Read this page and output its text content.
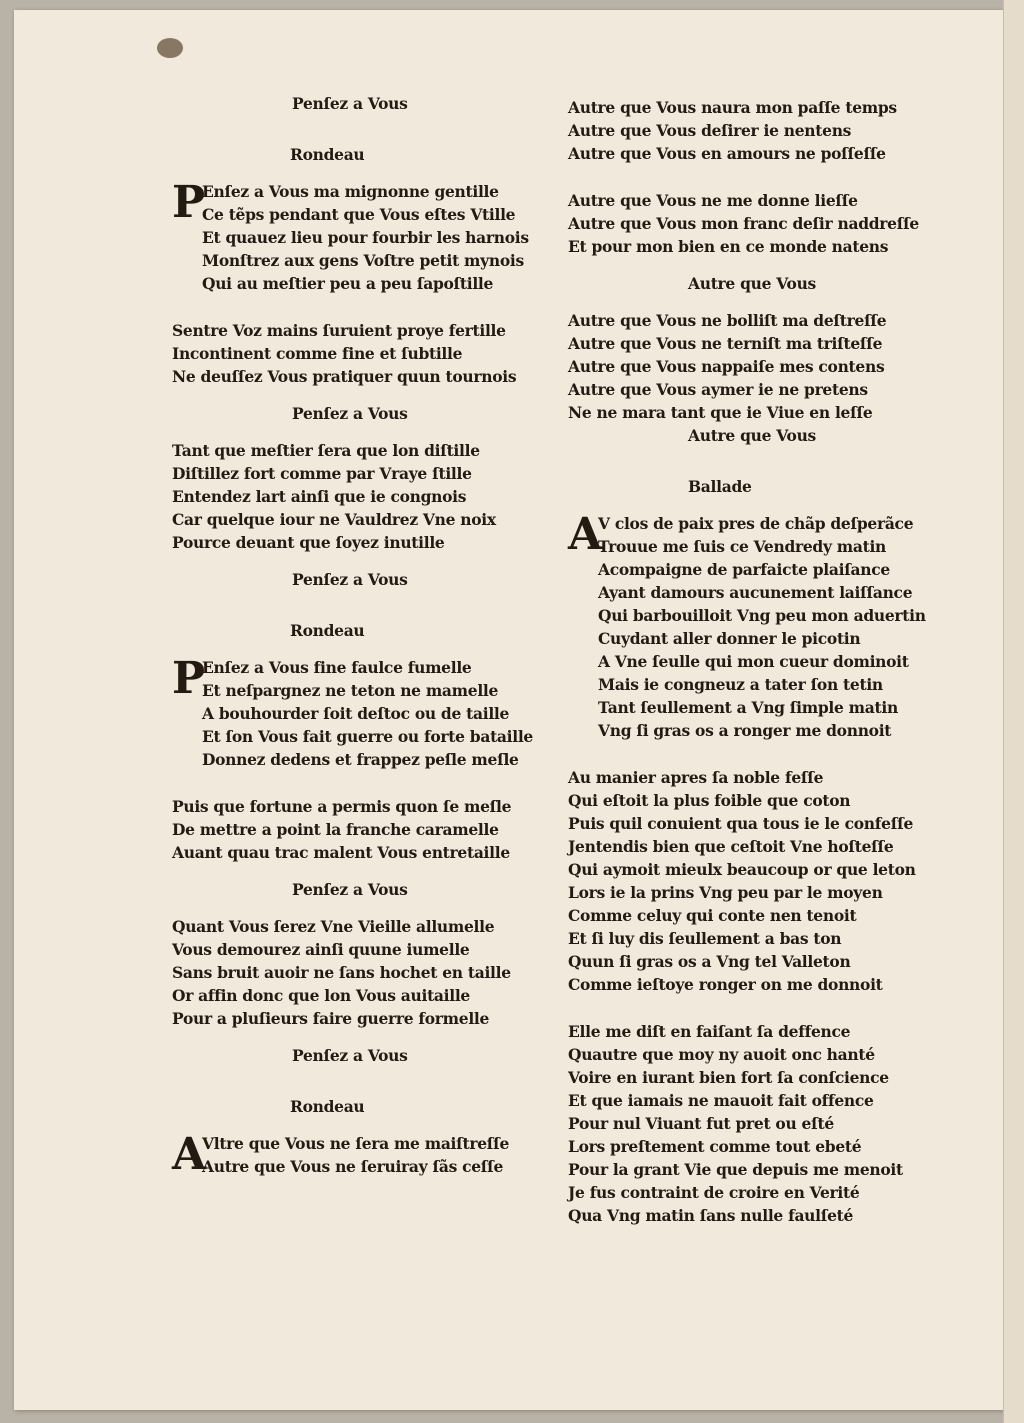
Penſez a Vous
Rondeau
P
Enſez a Vous ma mignonne gentille
Ce tẽps pendant que Vous eſtes Vtille
Et quauez lieu pour fourbir les harnois
Monſtrez aux gens Voſtre petit mynois
Qui au meſtier peu a peu ſapoſtille
Sentre Voz mains ſuruient proye fertille
Incontinent comme fine et ſubtille
Ne deuſſez Vous pratiquer quun tournois
Penſez a Vous
Tant que meſtier ſera que lon diſtille
Diſtillez fort comme par Vraye ſtille
Entendez lart ainſi que ie congnois
Car quelque iour ne Vauldrez Vne noix
Pource deuant que ſoyez inutille
Penſez a Vous
Rondeau
P
Enſez a Vous fine faulce fumelle
Et neſpargnez ne teton ne mamelle
A bouhourder ſoit deſtoc ou de taille
Et ſon Vous fait guerre ou forte bataille
Donnez dedens et frappez peſle meſle
Puis que fortune a permis quon ſe meſle
De mettre a point la franche caramelle
Auant quau trac malent Vous entretaille
Penſez a Vous
Quant Vous ſerez Vne Vieille allumelle
Vous demourez ainſi quune iumelle
Sans bruit auoir ne ſans hochet en taille
Or affin donc que lon Vous auitaille
Pour a pluſieurs faire guerre formelle
Penſez a Vous
Rondeau
A
Vltre que Vous ne ſera me maiſtreſſe
Autre que Vous ne ſeruiray ſãs ceſſe
Autre que Vous naura mon paſſe temps
Autre que Vous deſirer ie nentens
Autre que Vous en amours ne poſſeſſe
Autre que Vous ne me donne lieſſe
Autre que Vous mon franc deſir naddreſſe
Et pour mon bien en ce monde natens
Autre que Vous
Autre que Vous ne bolliſt ma deſtreſſe
Autre que Vous ne terniſt ma triſteſſe
Autre que Vous nappaiſe mes contens
Autre que Vous aymer ie ne pretens
Ne ne mara tant que ie Viue en leſſe
Autre que Vous
Ballade
A
V clos de paix pres de chãp deſperãce
Trouue me ſuis ce Vendredy matin
Acompaigne de parfaicte plaiſance
Ayant damours aucunement laiſſance
Qui barbouilloit Vng peu mon aduertin
Cuydant aller donner le picotin
A Vne ſeulle qui mon cueur dominoit
Mais ie congneuz a tater ſon tetin
Tant ſeullement a Vng ſimple matin
Vng ſi gras os a ronger me donnoit
Au manier apres ſa noble feſſe
Qui eſtoit la plus foible que coton
Puis quil conuient qua tous ie le confeſſe
Jentendis bien que ceſtoit Vne hoſteſſe
Qui aymoit mieulx beaucoup or que leton
Lors ie la prins Vng peu par le moyen
Comme celuy qui conte nen tenoit
Et ſi luy dis ſeullement a bas ton
Quun ſi gras os a Vng tel Valleton
Comme ieſtoye ronger on me donnoit
Elle me diſt en faiſant ſa deffence
Quautre que moy ny auoit onc hanté
Voire en iurant bien fort ſa conſcience
Et que iamais ne mauoit fait offence
Pour nul Viuant fut pret ou eſté
Lors preſtement comme tout ebeté
Pour la grant Vie que depuis me menoit
Je fus contraint de croire en Verité
Qua Vng matin ſans nulle faulſeté
